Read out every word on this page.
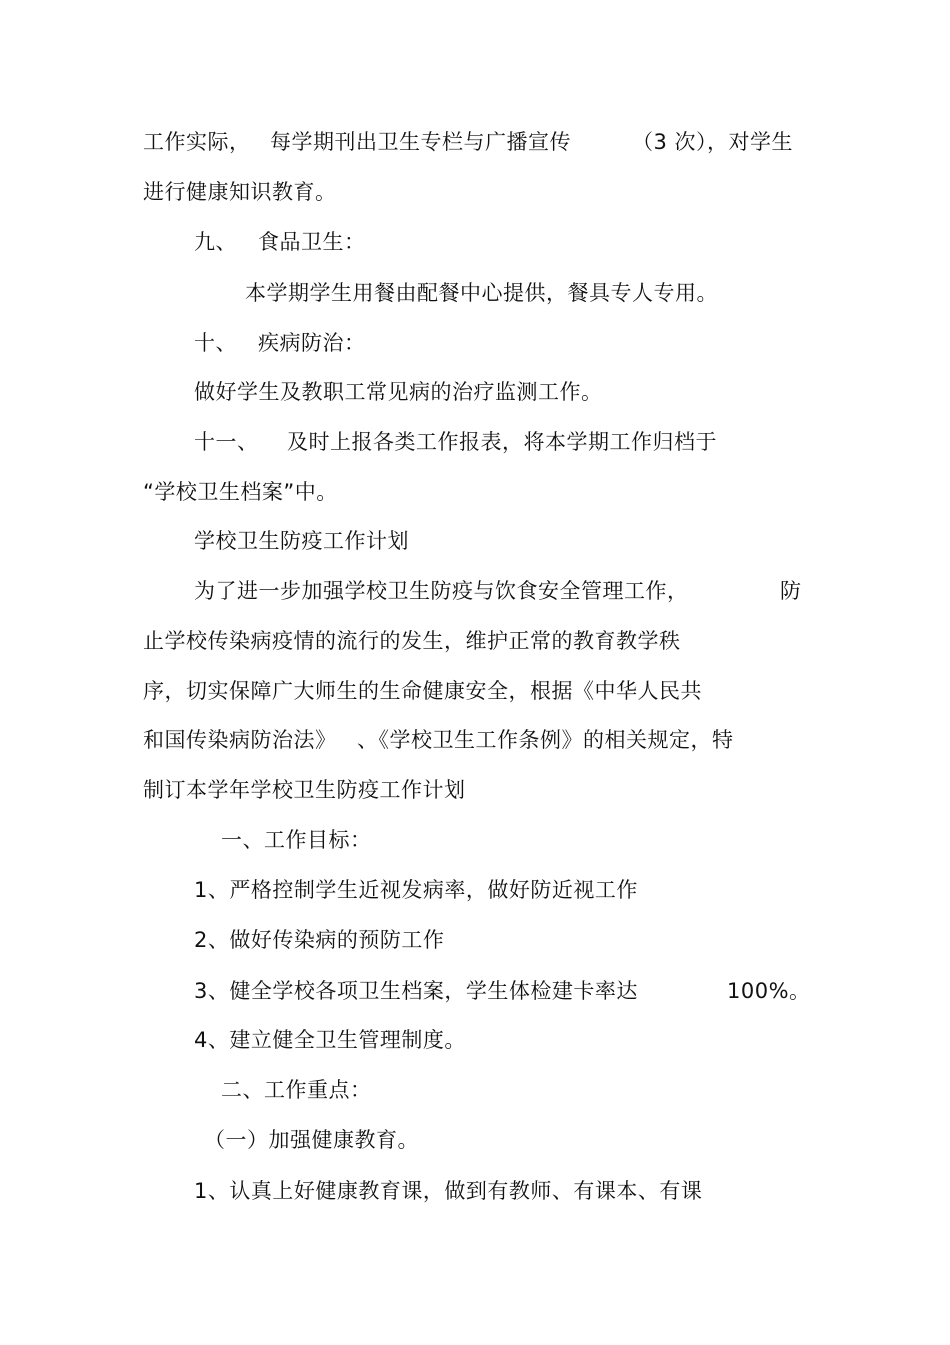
工作实际， 每学期刊出卫生专栏与广播宣传	（3 次），对学生
进行健康知识教育。
九、 食品卫生：
本学期学生用餐由配餐中心提供，餐具专人专用。
十、 疾病防治：
做好学生及教职工常见病的治疗监测工作。
十一、 及时上报各类工作报表，将本学期工作归档于
“学校卫生档案”中。
学校卫生防疫工作计划
为了进一步加强学校卫生防疫与饮食安全管理工作，	防
止学校传染病疫情的流行的发生，维护正常的教育教学秩
序，切实保障广大师生的生命健康安全，根据《中华人民共
和国传染病防治法》 、《学校卫生工作条例》的相关规定，特
制订本学年学校卫生防疫工作计划
一、工作目标：
1、严格控制学生近视发病率，做好防近视工作
2、做好传染病的预防工作
3、健全学校各项卫生档案，学生体检建卡率达	100%。
4、建立健全卫生管理制度。
二、工作重点：
（一）加强健康教育。
1、认真上好健康教育课，做到有教师、有课本、有课
